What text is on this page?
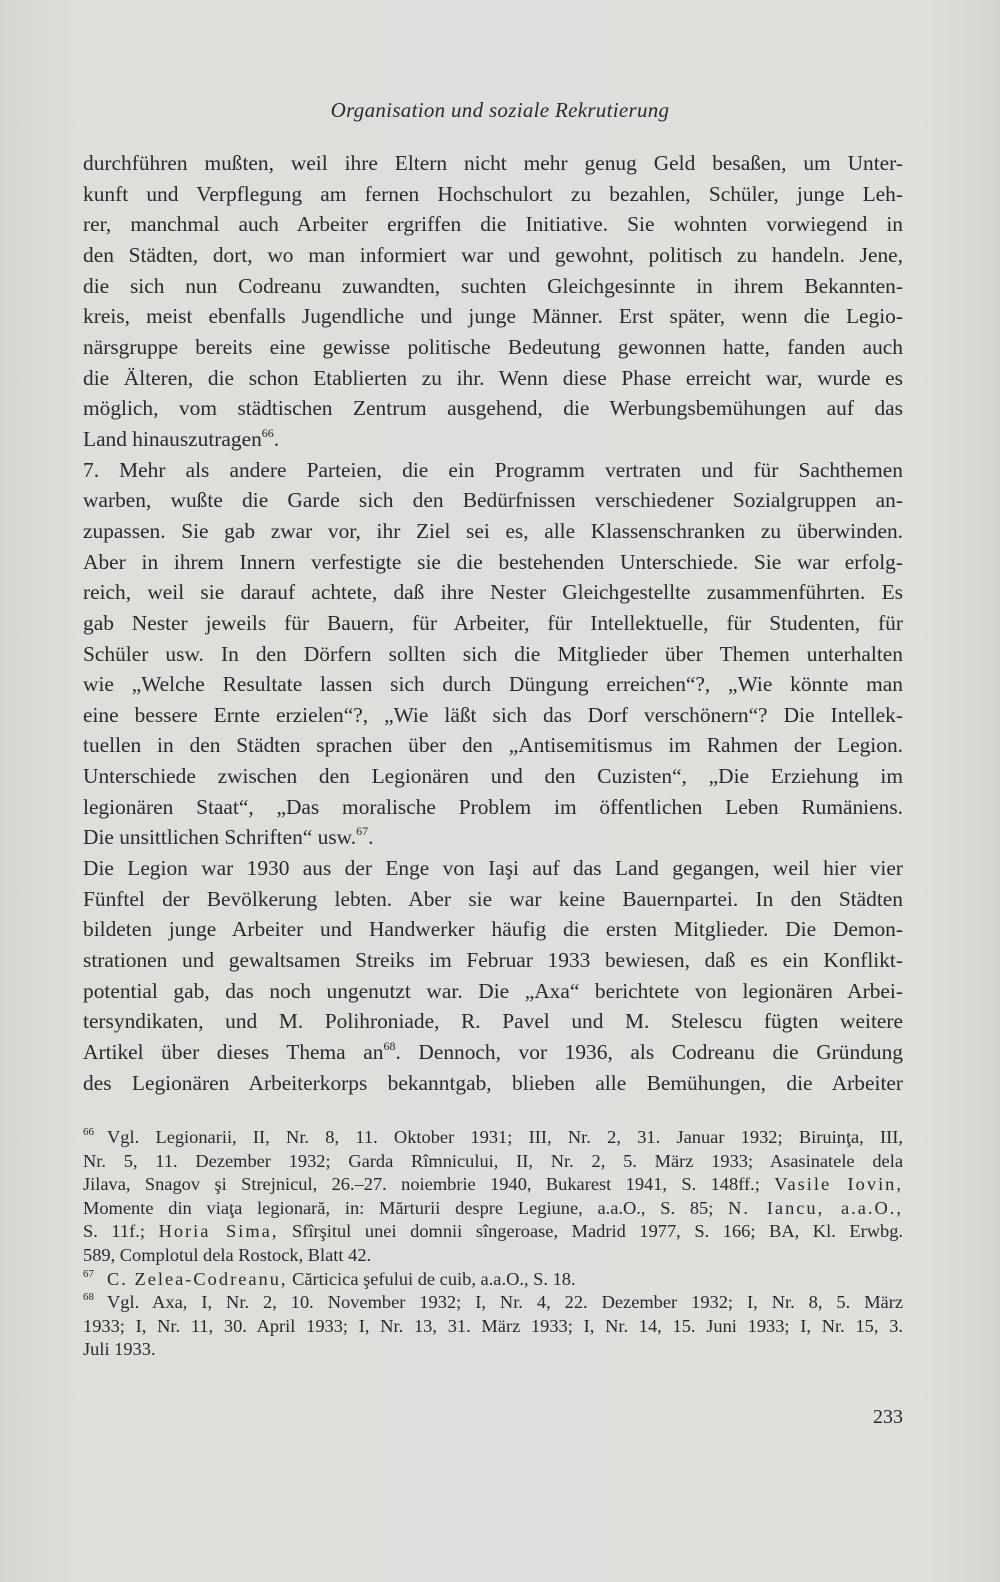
Organisation und soziale Rekrutierung
durchführen mußten, weil ihre Eltern nicht mehr genug Geld besaßen, um Unter-
kunft und Verpflegung am fernen Hochschulort zu bezahlen, Schüler, junge Leh-
rer, manchmal auch Arbeiter ergriffen die Initiative. Sie wohnten vorwiegend in
den Städten, dort, wo man informiert war und gewohnt, politisch zu handeln. Jene,
die sich nun Codreanu zuwandten, suchten Gleichgesinnte in ihrem Bekannten-
kreis, meist ebenfalls Jugendliche und junge Männer. Erst später, wenn die Legio-
närsgruppe bereits eine gewisse politische Bedeutung gewonnen hatte, fanden auch
die Älteren, die schon Etablierten zu ihr. Wenn diese Phase erreicht war, wurde es
möglich, vom städtischen Zentrum ausgehend, die Werbungsbemühungen auf das
Land hinauszutragen$^{66}$.
7. Mehr als andere Parteien, die ein Programm vertraten und für Sachthemen
warben, wußte die Garde sich den Bedürfnissen verschiedener Sozialgruppen an-
zupassen. Sie gab zwar vor, ihr Ziel sei es, alle Klassenschranken zu überwinden.
Aber in ihrem Innern verfestigte sie die bestehenden Unterschiede. Sie war erfolg-
reich, weil sie darauf achtete, daß ihre Nester Gleichgestellte zusammenführten. Es
gab Nester jeweils für Bauern, für Arbeiter, für Intellektuelle, für Studenten, für
Schüler usw. In den Dörfern sollten sich die Mitglieder über Themen unterhalten
wie „Welche Resultate lassen sich durch Düngung erreichen“?, „Wie könnte man
eine bessere Ernte erzielen“?, „Wie läßt sich das Dorf verschönern“? Die Intellek-
tuellen in den Städten sprachen über den „Antisemitismus im Rahmen der Legion.
Unterschiede zwischen den Legionären und den Cuzisten“, „Die Erziehung im
legionären Staat“, „Das moralische Problem im öffentlichen Leben Rumäniens.
Die unsittlichen Schriften“ usw.$^{67}$.
Die Legion war 1930 aus der Enge von Iaşi auf das Land gegangen, weil hier vier
Fünftel der Bevölkerung lebten. Aber sie war keine Bauernpartei. In den Städten
bildeten junge Arbeiter und Handwerker häufig die ersten Mitglieder. Die Demon-
strationen und gewaltsamen Streiks im Februar 1933 bewiesen, daß es ein Konflikt-
potential gab, das noch ungenutzt war. Die „Axa“ berichtete von legionären Arbei-
tersyndikaten, und M. Polihroniade, R. Pavel und M. Stelescu fügten weitere
Artikel über dieses Thema $an^{68}$. Dennoch, vor 1936, als Codreanu die Gründung
des Legionären Arbeiterkorps bekanntgab, blieben alle Bemühungen, die Arbeiter
66 Vgl. Legionarii, II, Nr. 8, 11. Oktober 1931; III, Nr. 2, 31. Januar 1932; Biruinţa, III,
Nr. 5, 11. Dezember 1932; Garda Rîmnicului, II, Nr. 2, 5. März 1933; Asasinatele dela
Jilava, Snagov şi Strejnicul, 26.–27. noiembrie 1940, Bukarest 1941, S. 148ff.; Vasile Iovin,
Momente din viaţa legionară, in: Mărturii despre Legiune, a.a.O., S. 85; N. Iancu, a.a.O.,
S. 11f.; Horia Sima, Sfîrşitul unei domnii sîngeroase, Madrid 1977, S. 166; BA, Kl. Erwbg.
589, Complotul dela Rostock, Blatt 42.
67 C. Zelea-Codreanu, Cărticica şefului de cuib, a.a.O., S. 18.
68 Vgl. Axa, I, Nr. 2, 10. November 1932; I, Nr. 4, 22. Dezember 1932; I, Nr. 8, 5. März
1933; I, Nr. 11, 30. April 1933; I, Nr. 13, 31. März 1933; I, Nr. 14, 15. Juni 1933; I, Nr. 15, 3.
Juli 1933.
233
